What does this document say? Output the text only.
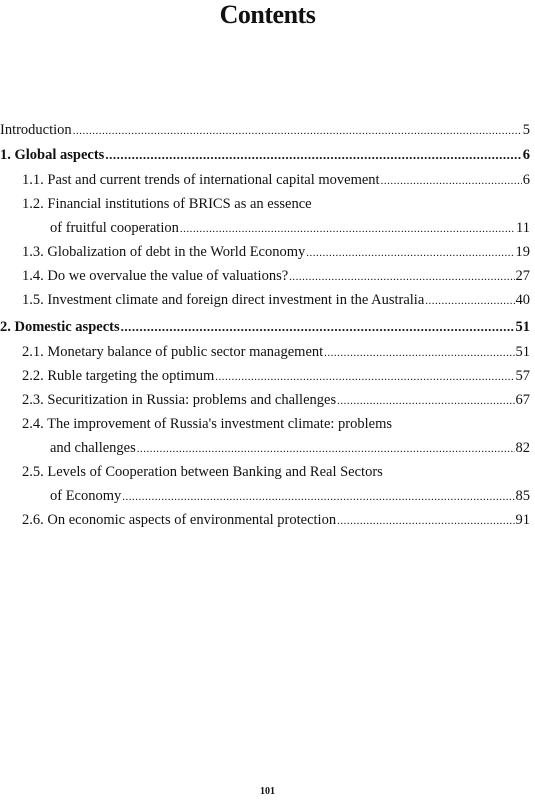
Contents
Introduction .....	5
1. Global aspects .....	6
1.1. Past and current trends of international capital movement .....	6
1.2. Financial institutions of BRICS as an essence
of fruitful cooperation .....	11
1.3. Globalization of debt in the World Economy .....	19
1.4. Do we overvalue the value of valuations? .....	27
1.5. Investment climate and foreign direct investment in the Australia .....	40
2. Domestic aspects .....	51
2.1. Monetary balance of public sector management .....	51
2.2. Ruble targeting the optimum .....	57
2.3. Securitization in Russia: problems and challenges .....	67
2.4. The improvement of Russia's investment climate: problems
and challenges .....	82
2.5. Levels of Cooperation between Banking and Real Sectors
of Economy .....	85
2.6. On economic aspects of environmental protection .....	91
101
